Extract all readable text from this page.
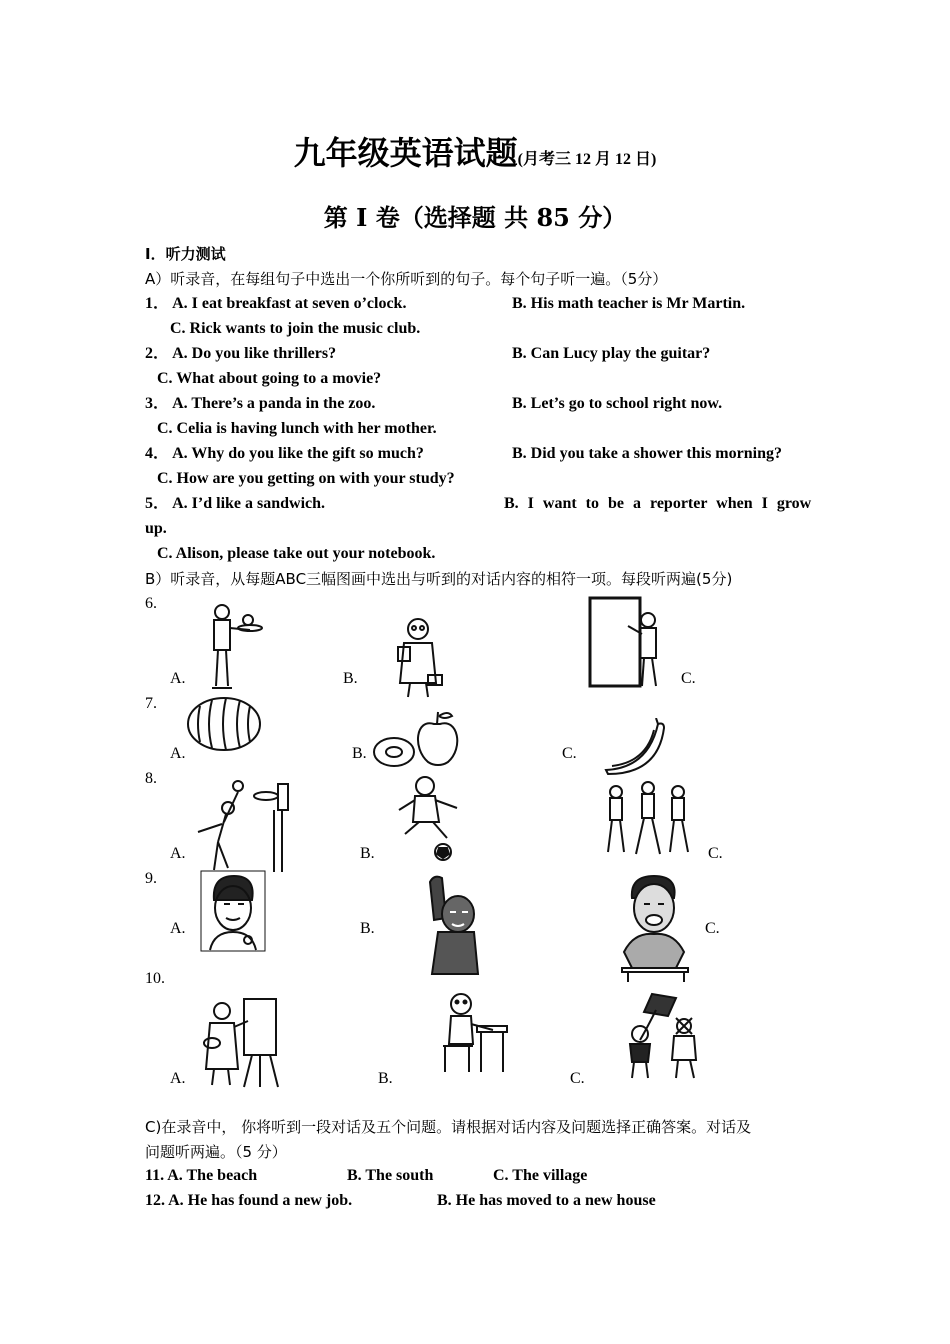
九年级英语试题(月考三 12 月 12 日)
第 I 卷（选择题 共 85 分）
I．听力测试
A）听录音，在每组句子中选出一个你所听到的句子。每个句子听一遍。（5分）
1． A. I eat breakfast at seven o’clock.	B. His math teacher is Mr Martin.
C. Rick wants to join the music club.
2． A. Do you like thrillers?	B. Can Lucy play the guitar?
C. What about going to a movie?
3． A. There’s a panda in the zoo.	B. Let’s go to school right now.
C. Celia is having lunch with her mother.
4． A. Why do you like the gift so much?	B. Did you take a shower this morning?
C. How are you getting on with your study?
5． A. I’d like a sandwich.	B. I want to be a reporter when I grow
up.
C. Alison, please take out your notebook.
B）听录音，从每题ABC三幅图画中选出与听到的对话内容的相符一项。每段听两遍(5分)
6.
A.	B.	C.
7.
A.	B.	C.
8.
A.	B.	C.
9.
A.	B.	C.
10.
A.	B.	C.
C)在录音中， 你将听到一段对话及五个问题。请根据对话内容及问题选择正确答案。对话及
问题听两遍。（5 分）
11. A. The beach	B. The south	C. The village
12. A. He has found a new job.	B. He has moved to a new house
